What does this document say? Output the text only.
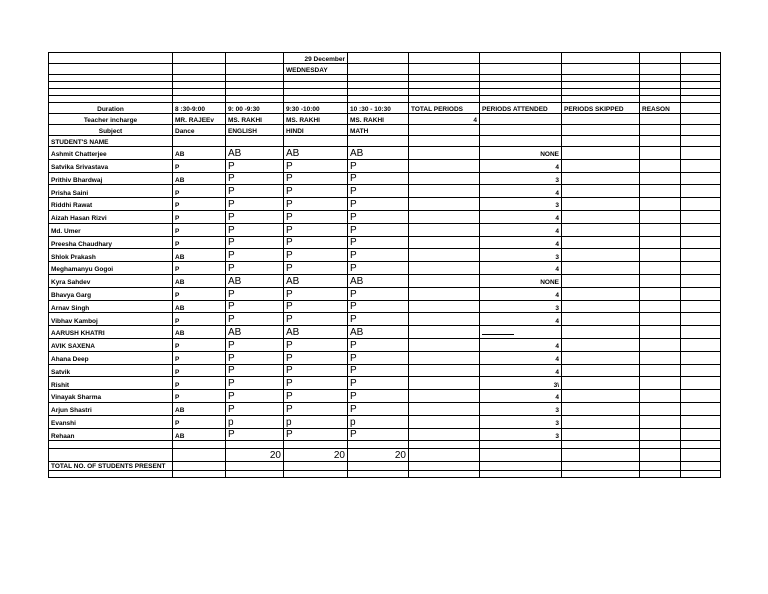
			29 December						
			WEDNESDAY						

Duration	8 :30-9:00	9: 00 -9:30	9:30 -10:00	10 :30 - 10:30	TOTAL PERIODS	PERIODS ATTENDED	PERIODS SKIPPED	REASON	
Teacher incharge	MR. RAJEEv	MS. RAKHI	MS. RAKHI	MS. RAKHI	4				
Subject	Dance	ENGLISH	HINDI	MATH					
STUDENT'S NAME									
Ashmit Chatterjee	AB	AB	AB	AB		NONE			
Satvika Srivastava	P	P	P	P		4			
Prithiv Bhardwaj	AB	P	P	P		3			
Prisha Saini	P	P	P	P		4			
Riddhi Rawat	P	P	P	P		3			
Aizah Hasan Rizvi	P	P	P	P		4			
Md. Umer	P	P	P	P		4			
Preesha Chaudhary	P	P	P	P		4			
Shlok Prakash	AB	P	P	P		3			
Meghamanyu Gogoi	P	P	P	P		4			
Kyra Sahdev	AB	AB	AB	AB		NONE			
Bhavya Garg	P	P	P	P		4			
Arnav Singh	AB	P	P	P		3			
Vibhav Kamboj	P	P	P	P		4			
AARUSH KHATRI	AB	AB	AB	AB					
AVIK SAXENA	P	P	P	P		4			
Ahana Deep	P	P	P	P		4			
Satvik	P	P	P	P		4			
Rishit	P	P	P	P		3\			
Vinayak Sharma	P	P	P	P		4			
Arjun Shastri	AB	P	P	P		3			
Evanshi	P	p	p	p		3			
Rehaan	AB	P	P	P		3			

		20	20	20					
TOTAL NO. OF STUDENTS PRESENT									
